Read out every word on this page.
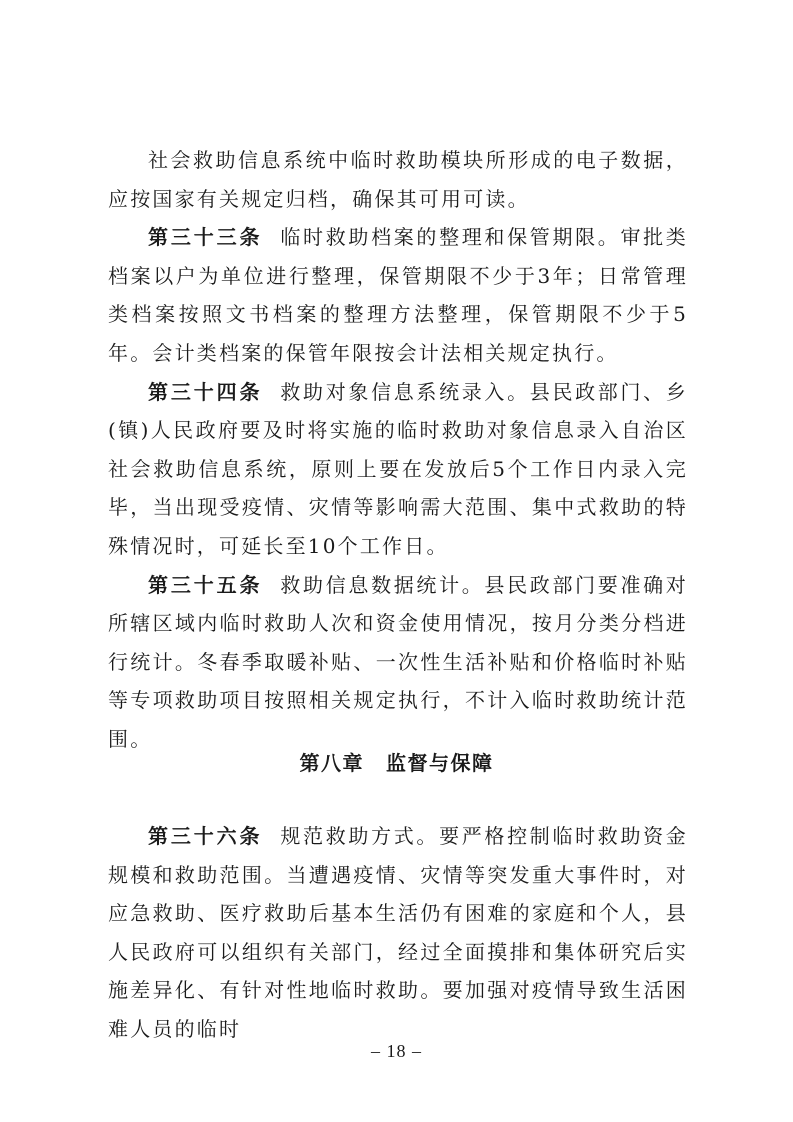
社会救助信息系统中临时救助模块所形成的电子数据，应按国家有关规定归档，确保其可用可读。

第三十三条 临时救助档案的整理和保管期限。审批类档案以户为单位进行整理，保管期限不少于3年；日常管理类档案按照文书档案的整理方法整理，保管期限不少于5年。会计类档案的保管年限按会计法相关规定执行。

第三十四条 救助对象信息系统录入。县民政部门、乡(镇)人民政府要及时将实施的临时救助对象信息录入自治区社会救助信息系统，原则上要在发放后5个工作日内录入完毕，当出现受疫情、灾情等影响需大范围、集中式救助的特殊情况时，可延长至10个工作日。

第三十五条 救助信息数据统计。县民政部门要准确对所辖区域内临时救助人次和资金使用情况，按月分类分档进行统计。冬春季取暖补贴、一次性生活补贴和价格临时补贴等专项救助项目按照相关规定执行，不计入临时救助统计范围。

第八章 监督与保障

第三十六条 规范救助方式。要严格控制临时救助资金规模和救助范围。当遭遇疫情、灾情等突发重大事件时，对应急救助、医疗救助后基本生活仍有困难的家庭和个人，县人民政府可以组织有关部门，经过全面摸排和集体研究后实施差异化、有针对性地临时救助。要加强对疫情导致生活困难人员的临时

– 18 –
